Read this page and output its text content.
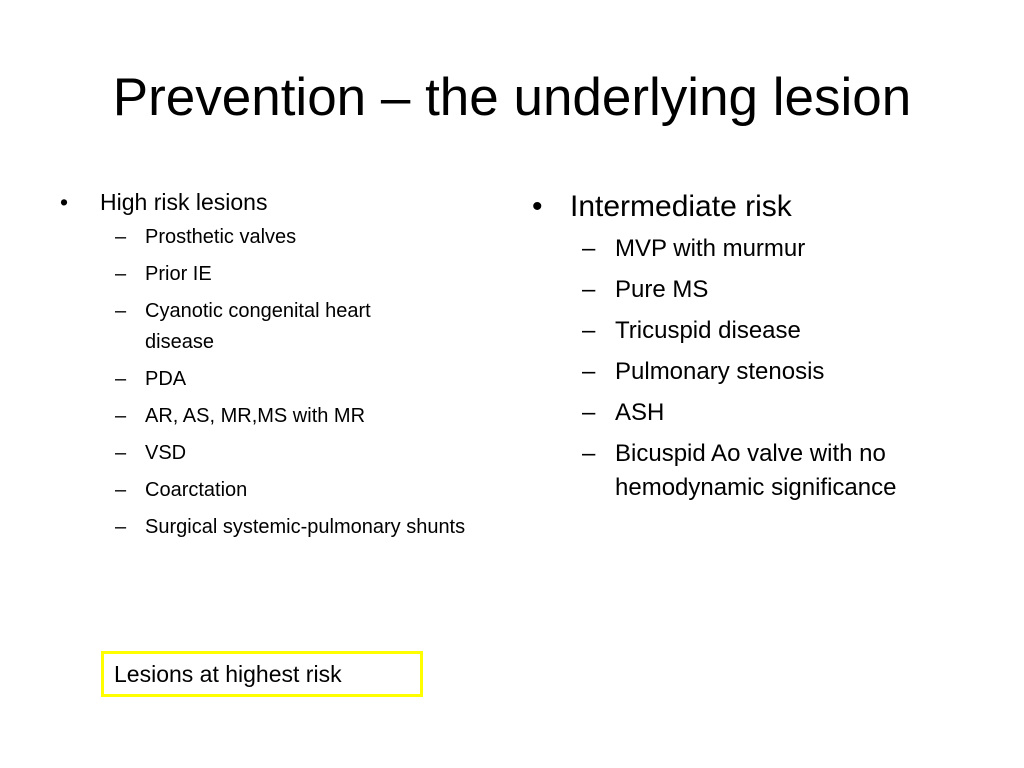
Prevention – the underlying lesion
•	High risk lesions
– Prosthetic valves
– Prior IE
– Cyanotic congenital heart disease
– PDA
– AR, AS, MR,MS with MR
– VSD
– Coarctation
– Surgical systemic-pulmonary shunts
• Intermediate risk
– MVP with murmur
– Pure MS
– Tricuspid disease
– Pulmonary stenosis
– ASH
– Bicuspid Ao valve with no hemodynamic significance
Lesions at highest risk
